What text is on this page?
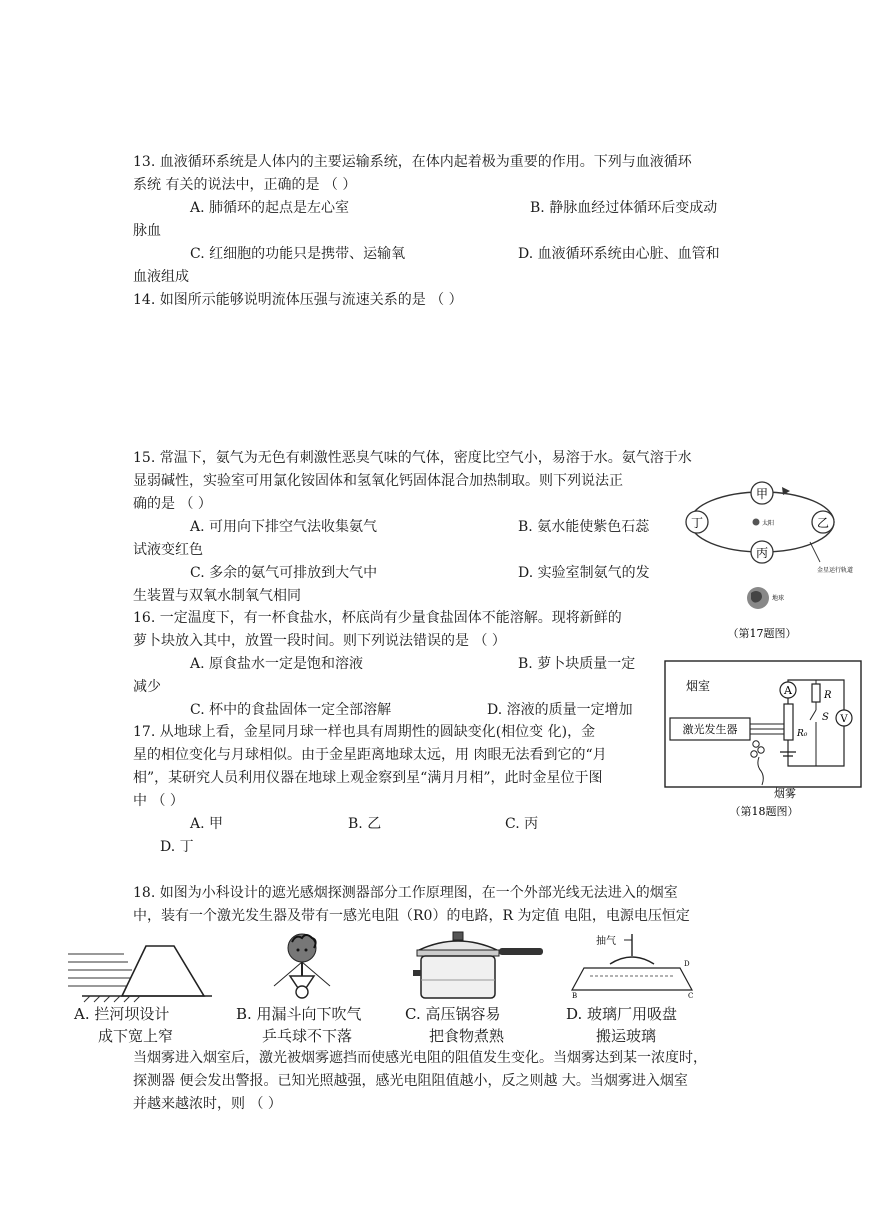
13. 血液循环系统是人体内的主要运输系统，在体内起着极为重要的作用。下列与血液循环
系统 有关的说法中，正确的是 （ ）
A. 肺循环的起点是左心室	B. 静脉血经过体循环后变成动
脉血
C. 红细胞的功能只是携带、运输氧	D. 血液循环系统由心脏、血管和
血液组成
14. 如图所示能够说明流体压强与流速关系的是 （ ）
15. 常温下，氨气为无色有刺激性恶臭气味的气体，密度比空气小，易溶于水。氨气溶于水
显弱碱性，实验室可用氯化铵固体和氢氧化钙固体混合加热制取。则下列说法正
确的是 （ ）
A. 可用向下排空气法收集氨气	B. 氨水能使紫色石蕊
试液变红色
C. 多余的氨气可排放到大气中	D. 实验室制氨气的发
生装置与双氧水制氧气相同
16. 一定温度下，有一杯食盐水，杯底尚有少量食盐固体不能溶解。现将新鲜的
萝卜块放入其中，放置一段时间。则下列说法错误的是 （ ）
A. 原食盐水一定是饱和溶液	B. 萝卜块质量一定
减少
C. 杯中的食盐固体一定全部溶解	D. 溶液的质量一定增加
17. 从地球上看，金星同月球一样也具有周期性的圆缺变化(相位变 化)，金
星的相位变化与月球相似。由于金星距离地球太远，用 肉眼无法看到它的“月
相”，某研究人员利用仪器在地球上观金察到星“满月月相”，此时金星位于图
中 （ ）
A. 甲	B. 乙	C. 丙
D. 丁
18. 如图为小科设计的遮光感烟探测器部分工作原理图，在一个外部光线无法进入的烟室
中，装有一个激光发生器及带有一感光电阻（R0）的电路，R 为定值 电阻，电源电压恒定
当烟雾进入烟室后，激光被烟雾遮挡而使感光电阻的阻值发生变化。当烟雾达到某一浓度时，
探测器 便会发出警报。已知光照越强，感光电阻阻值越小，反之则越 大。当烟雾进入烟室
并越来越浓时，则 （ ）
甲
乙
丙
丁	太阳
金星运行轨道
地球
（第17题图）
烟室
激光发生器
A
R₀
R
S V
烟雾
（第18题图）
A. 拦河坝设计
成下宽上窄
B. 用漏斗向下吹气
乒乓球不下落
C. 高压锅容易
把食物煮熟
抽气
B	C
D
D. 玻璃厂用吸盘
搬运玻璃
